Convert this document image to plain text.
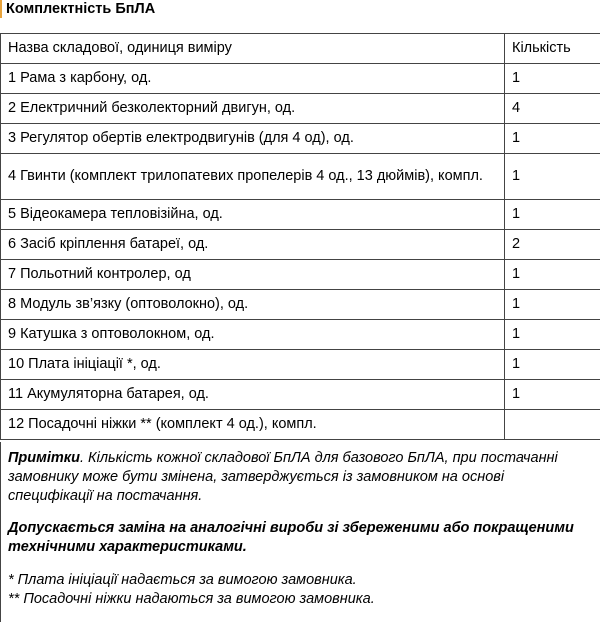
Комплектність БпЛА
Назва складової, одиниця виміру	Кількість
1 Рама з карбону, од.	1
2 Електричний безколекторний двигун, од.	4
3 Регулятор обертів електродвигунів (для 4 од), од.	1
4 Гвинти (комплект трилопатевих пропелерів 4 од., 13 дюймів), компл.	1
5 Відеокамера тепловізійна, од.	1
6 Засіб кріплення батареї, од.	2
7 Польотний контролер, од	1
8 Модуль зв’язку (оптоволокно), од.	1
9 Катушка з оптоволокном, од.	1
10 Плата ініціації *, од.	1
11 Акумуляторна батарея, од.	1
12 Посадочні ніжки ** (комплект 4 од.), компл.	

Примітки. Кількість кожної складової БпЛА для базового БпЛА, при постачанні замовнику може бути змінена, затверджується із замовником на основі специфікації на постачання.

Допускається заміна на аналогічні вироби зі збереженими або покращеними технічними характеристиками.

* Плата ініціації надається за вимогою замовника.

** Посадочні ніжки надаються за вимогою замовника.
